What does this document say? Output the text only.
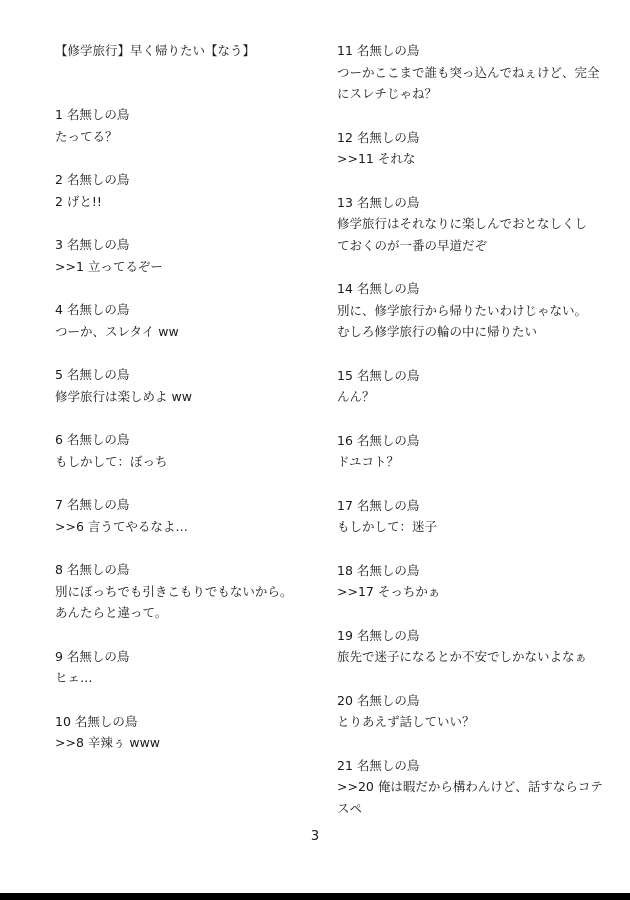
【修学旅行】早く帰りたい【なう】
1 名無しの鳥
たってる？
2 名無しの鳥
2 げと!!
3 名無しの鳥
>>1 立ってるぞー
4 名無しの鳥
つーか、スレタイ ww
5 名無しの鳥
修学旅行は楽しめよ ww
6 名無しの鳥
もしかして：ぼっち
7 名無しの鳥
>>6 言うてやるなよ…
8 名無しの鳥
別にぼっちでも引きこもりでもないから。
あんたらと違って。
9 名無しの鳥
ヒェ…
10 名無しの鳥
>>8 辛辣ぅ www
11 名無しの鳥
つーかここまで誰も突っ込んでねぇけど、完全
にスレチじゃね？
12 名無しの鳥
>>11 それな
13 名無しの鳥
修学旅行はそれなりに楽しんでおとなしくし
ておくのが一番の早道だぞ
14 名無しの鳥
別に、修学旅行から帰りたいわけじゃない。
むしろ修学旅行の輪の中に帰りたい
15 名無しの鳥
んん？
16 名無しの鳥
ドユコト？
17 名無しの鳥
もしかして：迷子
18 名無しの鳥
>>17 そっちかぁ
19 名無しの鳥
旅先で迷子になるとか不安でしかないよなぁ
20 名無しの鳥
とりあえず話していい？
21 名無しの鳥
>>20 俺は暇だから構わんけど、話すならコテ
スペ
3
